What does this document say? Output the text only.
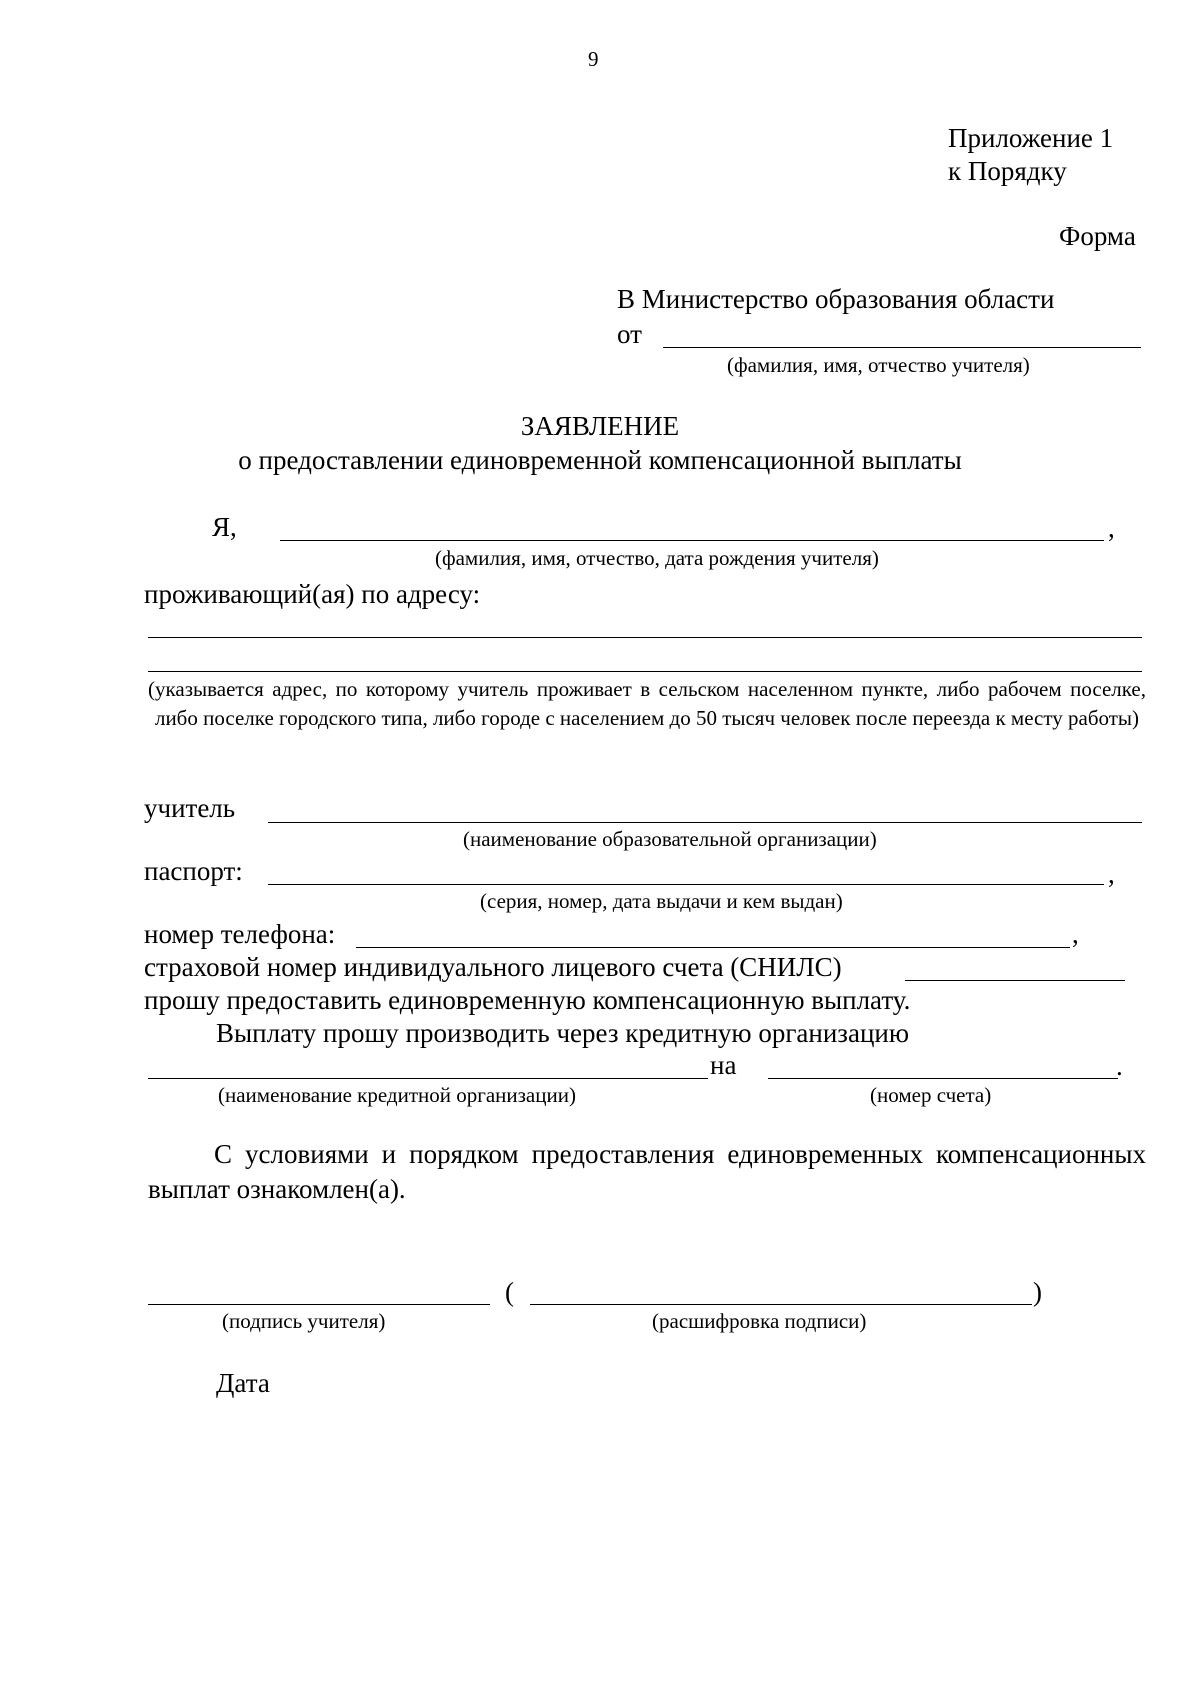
9
Приложение 1
к Порядку
Форма
В Министерство образования области
от
(фамилия, имя, отчество учителя)
ЗАЯВЛЕНИЕ
о предоставлении единовременной компенсационной выплаты
Я,	,
(фамилия, имя, отчество, дата рождения учителя)
проживающий(ая) по адресу:
(указывается адрес, по которому учитель проживает в сельском населенном пункте, либо рабочем поселке, либо поселке городского типа, либо городе с населением до 50 тысяч человек после переезда к месту работы)
учитель
(наименование образовательной организации)
паспорт:	,
(серия, номер, дата выдачи и кем выдан)
номер телефона:	,
страховой номер индивидуального лицевого счета (СНИЛС)
прошу предоставить единовременную компенсационную выплату.
Выплату прошу производить через кредитную организацию
на	.
(наименование кредитной организации)	(номер счета)
С условиями и порядком предоставления единовременных компенсационных выплат ознакомлен(а).
(	)
(подпись учителя)	(расшифровка подписи)
Дата
